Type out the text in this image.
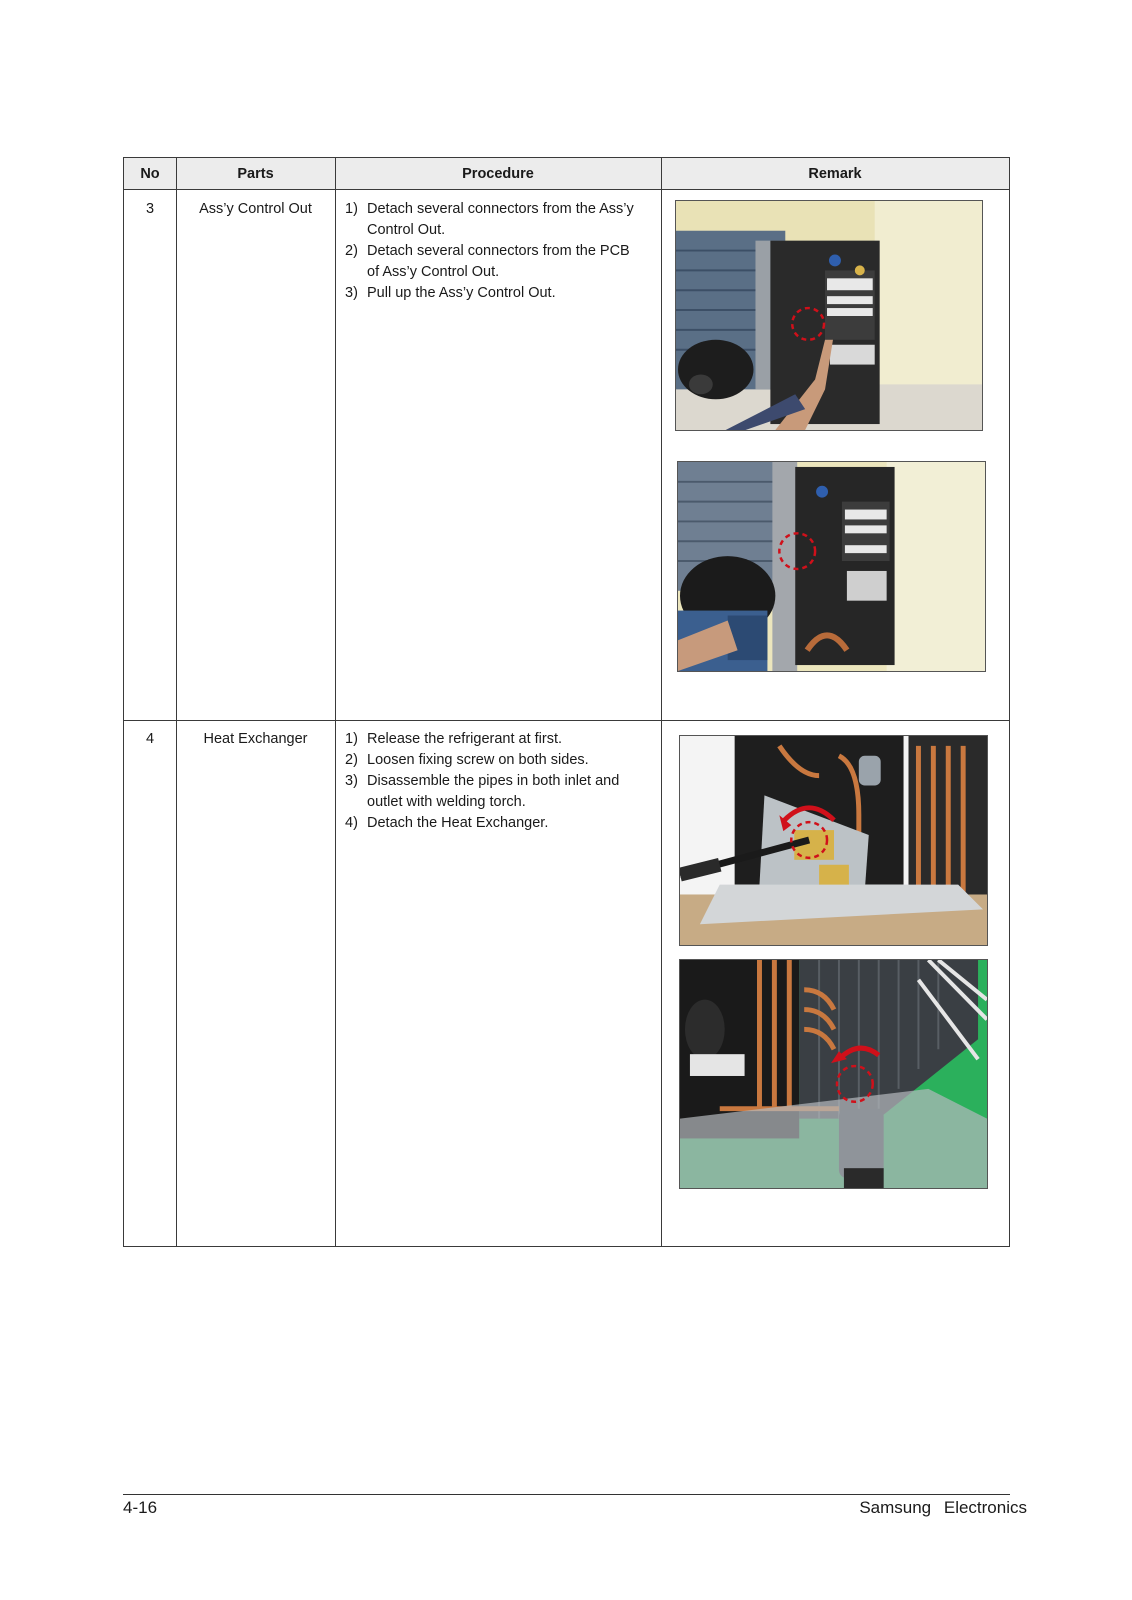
No	Parts	Procedure	Remark
3	Ass’y Control Out	1) Detach several connectors from the Ass’y Control Out.
2) Detach several connectors from the PCB of Ass’y Control Out.
3) Pull up the Ass’y Control Out.
4	Heat Exchanger	1) Release the refrigerant at first.
2) Loosen fixing screw on both sides.
3) Disassemble the pipes in both inlet and outlet with welding torch.
4) Detach the Heat Exchanger.
4-16	Samsung Electronics
